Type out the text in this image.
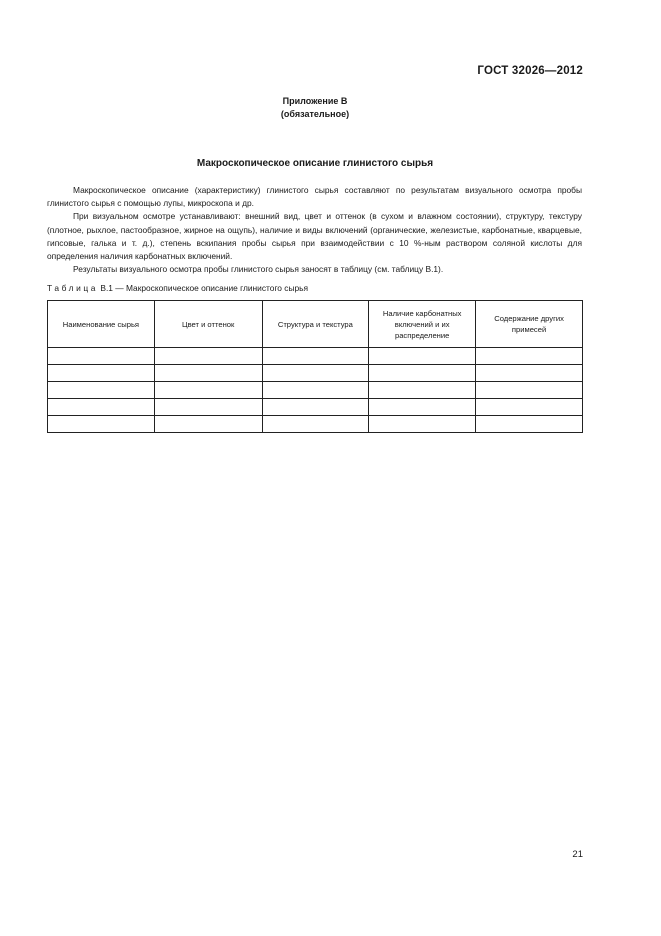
ГОСТ 32026—2012
Приложение В
(обязательное)
Макроскопическое описание глинистого сырья

Макроскопическое описание (характеристику) глинистого сырья составляют по результатам визуального осмотра пробы глинистого сырья с помощью лупы, микроскопа и др.

При визуальном осмотре устанавливают: внешний вид, цвет и оттенок (в сухом и влажном состоянии), структуру, текстуру (плотное, рыхлое, пастообразное, жирное на ощупь), наличие и виды включений (органические, железистые, карбонатные, кварцевые, гипсовые, галька и т. д.), степень вскипания пробы сырья при взаимодействии с 10 %-ным раствором соляной кислоты для определения наличия карбонатных включений.

Результаты визуального осмотра пробы глинистого сырья заносят в таблицу (см. таблицу В.1).

Таблица В.1 — Макроскопическое описание глинистого сырья
Наименование сырья	Цвет и оттенок	Структура и текстура	Наличие карбонатных включений и их распределение	Содержание других примесей

21
